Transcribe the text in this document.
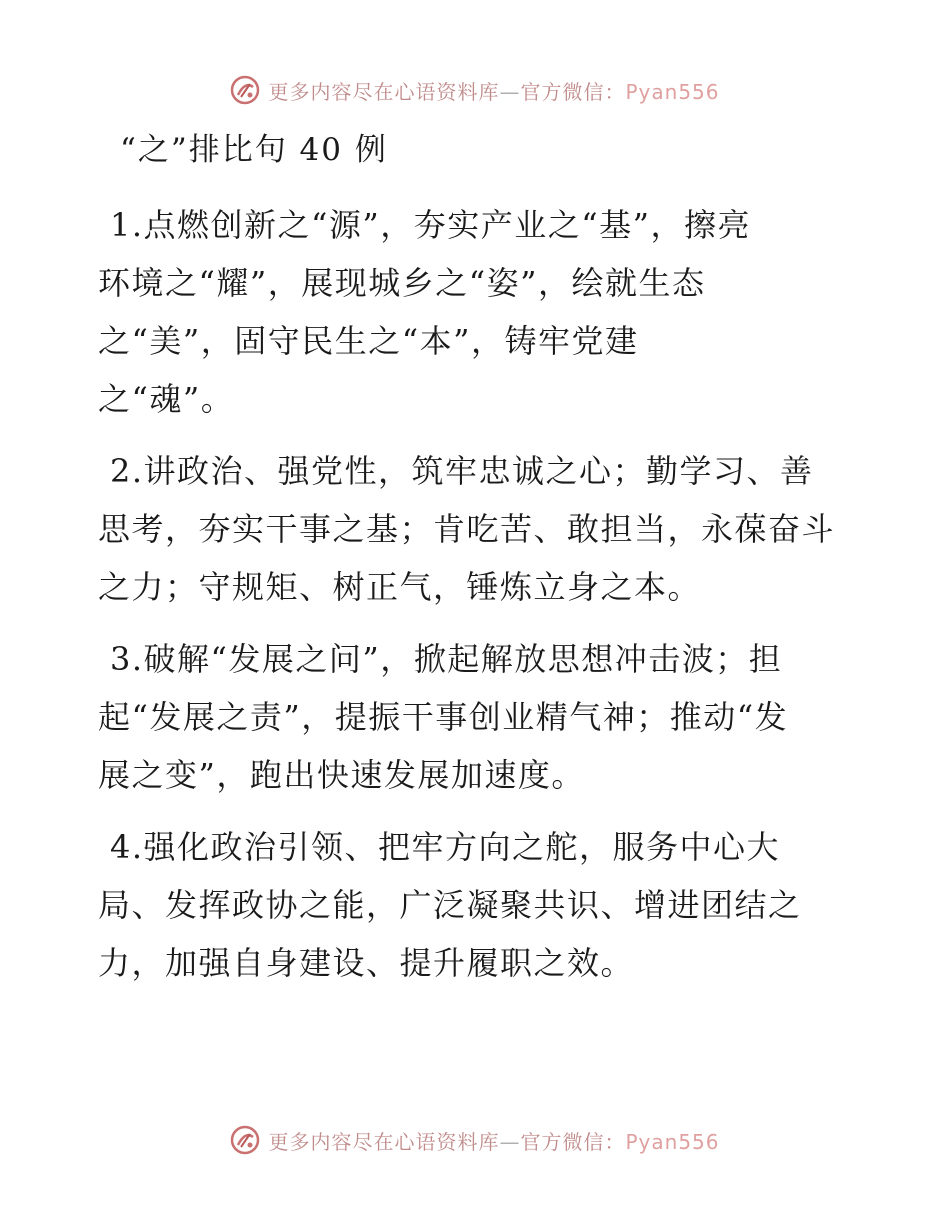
更多内容尽在心语资料库—官方微信：Pyan556
“之”排比句 40 例

1.点燃创新之“源”，夯实产业之“基”，擦亮
环境之“耀”，展现城乡之“姿”，绘就生态
之“美”，固守民生之“本”，铸牢党建
之“魂”。

2.讲政治、强党性，筑牢忠诚之心；勤学习、善
思考，夯实干事之基；肯吃苦、敢担当，永葆奋斗
之力；守规矩、树正气，锤炼立身之本。

3.破解“发展之问”，掀起解放思想冲击波；担
起“发展之责”，提振干事创业精气神；推动“发
展之变”，跑出快速发展加速度。

4.强化政治引领、把牢方向之舵，服务中心大
局、发挥政协之能，广泛凝聚共识、增进团结之
力，加强自身建设、提升履职之效。

更多内容尽在心语资料库—官方微信：Pyan556
